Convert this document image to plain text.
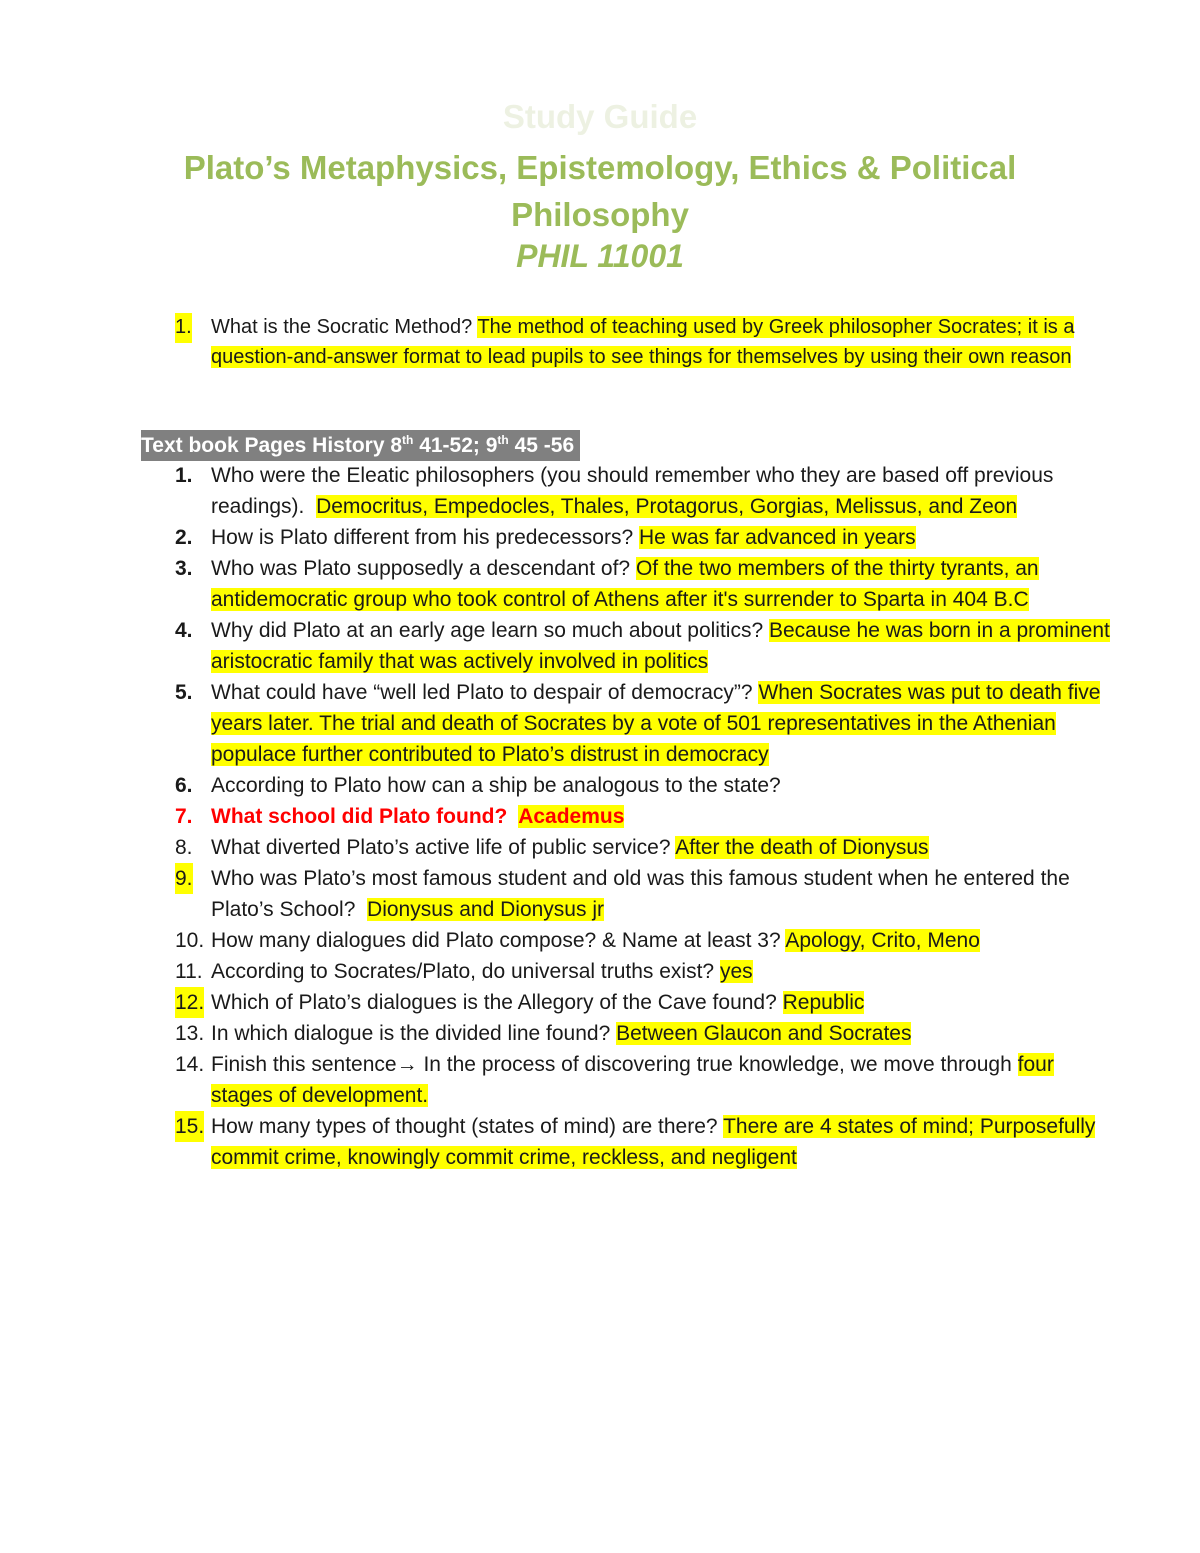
Study Guide
Plato’s Metaphysics, Epistemology, Ethics & Political Philosophy
PHIL 11001
1. What is the Socratic Method? The method of teaching used by Greek philosopher Socrates; it is a question-and-answer format to lead pupils to see things for themselves by using their own reason
Text book Pages History 8th 41-52; 9th 45 -56
1. Who were the Eleatic philosophers (you should remember who they are based off previous readings). Democritus, Empedocles, Thales, Protagorus, Gorgias, Melissus, and Zeon
2. How is Plato different from his predecessors? He was far advanced in years
3. Who was Plato supposedly a descendant of? Of the two members of the thirty tyrants, an antidemocratic group who took control of Athens after it's surrender to Sparta in 404 B.C
4. Why did Plato at an early age learn so much about politics? Because he was born in a prominent aristocratic family that was actively involved in politics
5. What could have “well led Plato to despair of democracy”? When Socrates was put to death five years later. The trial and death of Socrates by a vote of 501 representatives in the Athenian populace further contributed to Plato’s distrust in democracy
6. According to Plato how can a ship be analogous to the state?
7. What school did Plato found? Academus
8. What diverted Plato’s active life of public service? After the death of Dionysus
9. Who was Plato’s most famous student and old was this famous student when he entered the Plato’s School? Dionysus and Dionysus jr
10. How many dialogues did Plato compose? & Name at least 3? Apology, Crito, Meno
11. According to Socrates/Plato, do universal truths exist? yes
12. Which of Plato’s dialogues is the Allegory of the Cave found? Republic
13. In which dialogue is the divided line found? Between Glaucon and Socrates
14. Finish this sentence→ In the process of discovering true knowledge, we move through four stages of development.
15. How many types of thought (states of mind) are there? There are 4 states of mind; Purposefully commit crime, knowingly commit crime, reckless, and negligent
